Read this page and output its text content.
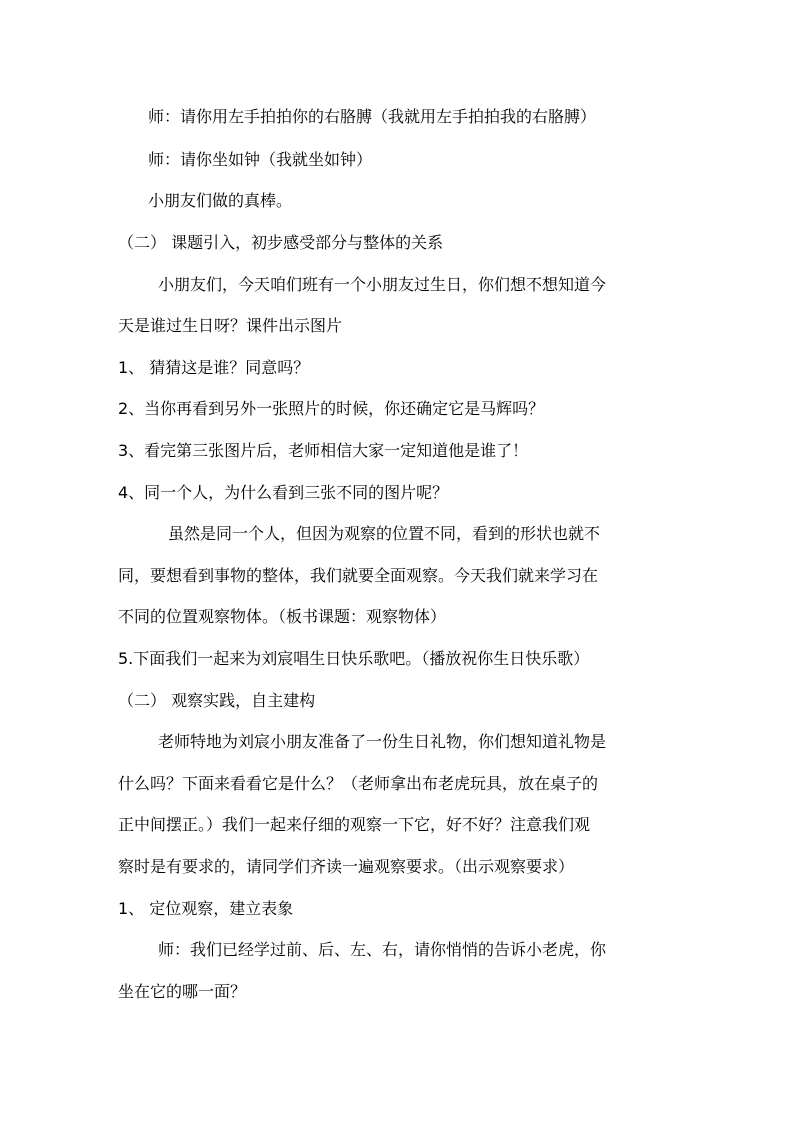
师：请你用左手拍拍你的右胳膊（我就用左手拍拍我的右胳膊）
师：请你坐如钟（我就坐如钟）
小朋友们做的真棒。
（二） 课题引入，初步感受部分与整体的关系
小朋友们，今天咱们班有一个小朋友过生日，你们想不想知道今
天是谁过生日呀？课件出示图片
1、 猜猜这是谁？同意吗？
2、当你再看到另外一张照片的时候，你还确定它是马辉吗？
3、看完第三张图片后，老师相信大家一定知道他是谁了！
4、同一个人，为什么看到三张不同的图片呢？
虽然是同一个人，但因为观察的位置不同，看到的形状也就不
同，要想看到事物的整体，我们就要全面观察。今天我们就来学习在
不同的位置观察物体。（板书课题：观察物体）
5.下面我们一起来为刘宸唱生日快乐歌吧。（播放祝你生日快乐歌）
（二） 观察实践，自主建构
老师特地为刘宸小朋友准备了一份生日礼物，你们想知道礼物是
什么吗？下面来看看它是什么？（老师拿出布老虎玩具，放在桌子的
正中间摆正。）我们一起来仔细的观察一下它，好不好？注意我们观
察时是有要求的，请同学们齐读一遍观察要求。（出示观察要求）
1、 定位观察，建立表象
师：我们已经学过前、后、左、右，请你悄悄的告诉小老虎，你
坐在它的哪一面？
